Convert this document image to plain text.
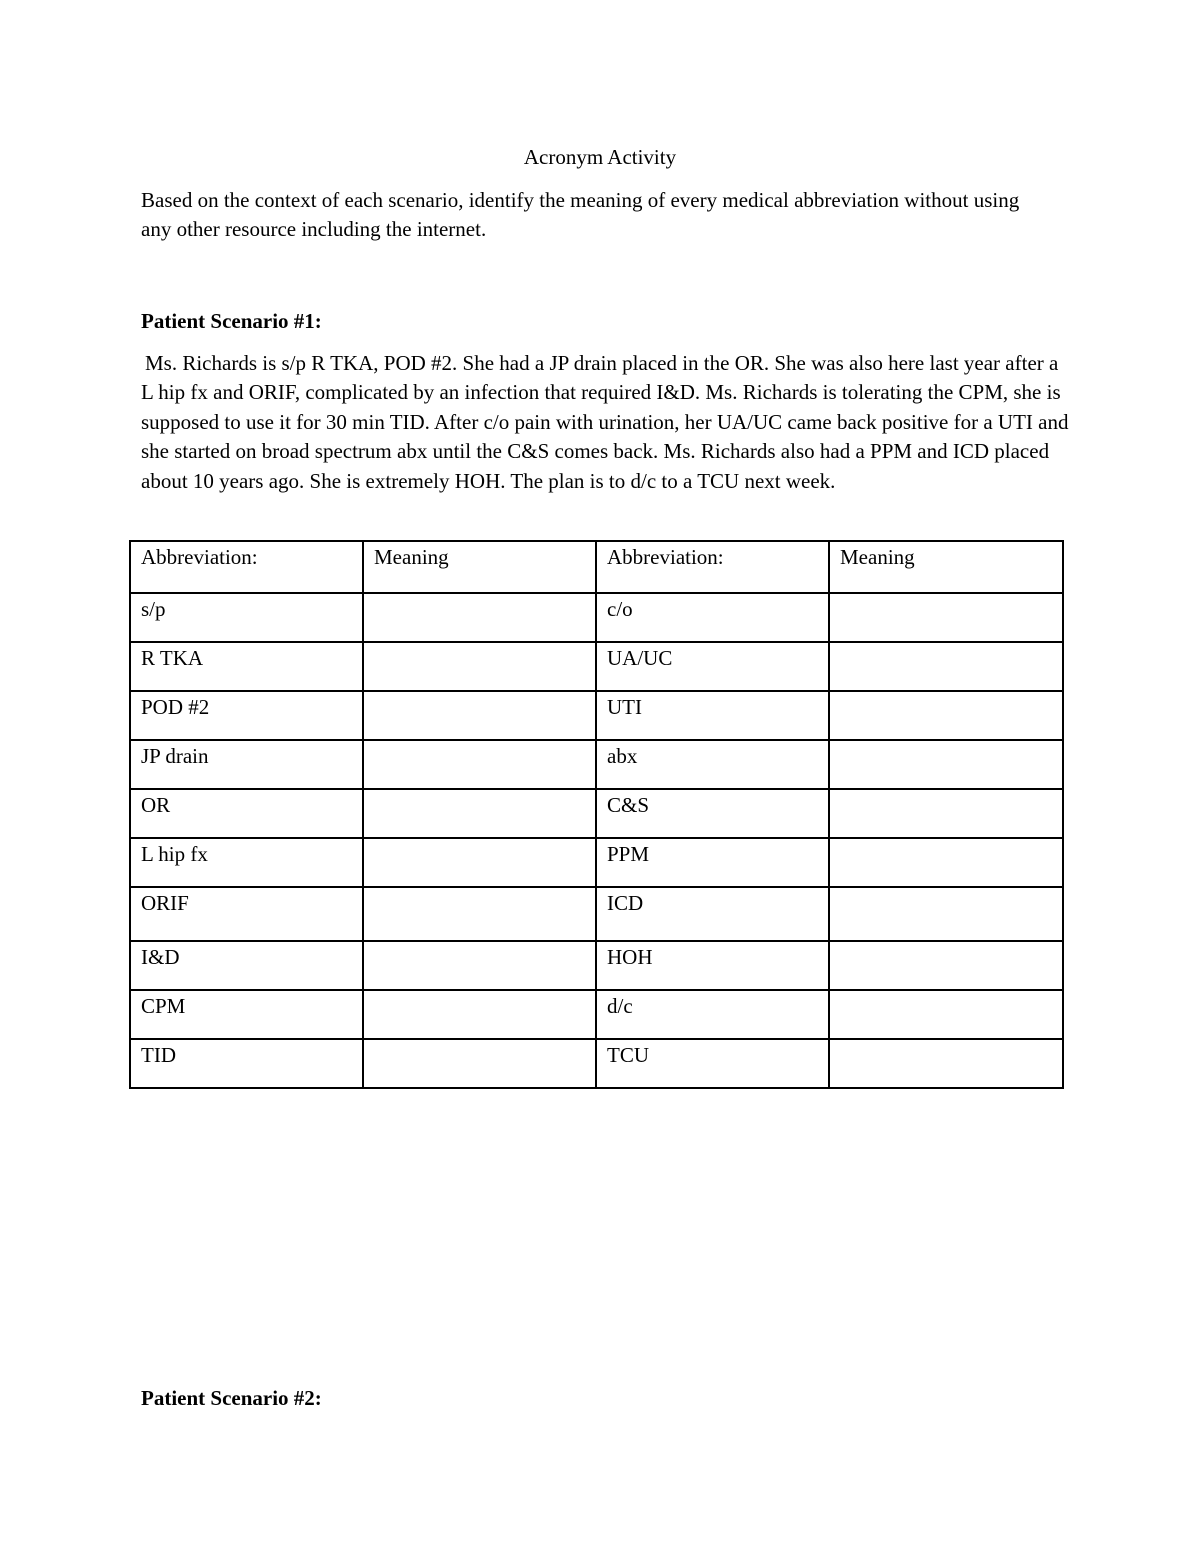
Acronym Activity

Based on the context of each scenario, identify the meaning of every medical abbreviation without using any other resource including the internet.

Patient Scenario #1:

Ms. Richards is s/p R TKA, POD #2. She had a JP drain placed in the OR. She was also here last year after a L hip fx and ORIF, complicated by an infection that required I&D. Ms. Richards is tolerating the CPM, she is supposed to use it for 30 min TID. After c/o pain with urination, her UA/UC came back positive for a UTI and she started on broad spectrum abx until the C&S comes back. Ms. Richards also had a PPM and ICD placed about 10 years ago. She is extremely HOH. The plan is to d/c to a TCU next week.

Abbreviation:	Meaning	Abbreviation:	Meaning
s/p		c/o	
R TKA		UA/UC	
POD #2		UTI	
JP drain		abx	
OR		C&S	
L hip fx		PPM	
ORIF		ICD	
I&D		HOH	
CPM		d/c	
TID		TCU	
Patient Scenario #2:
